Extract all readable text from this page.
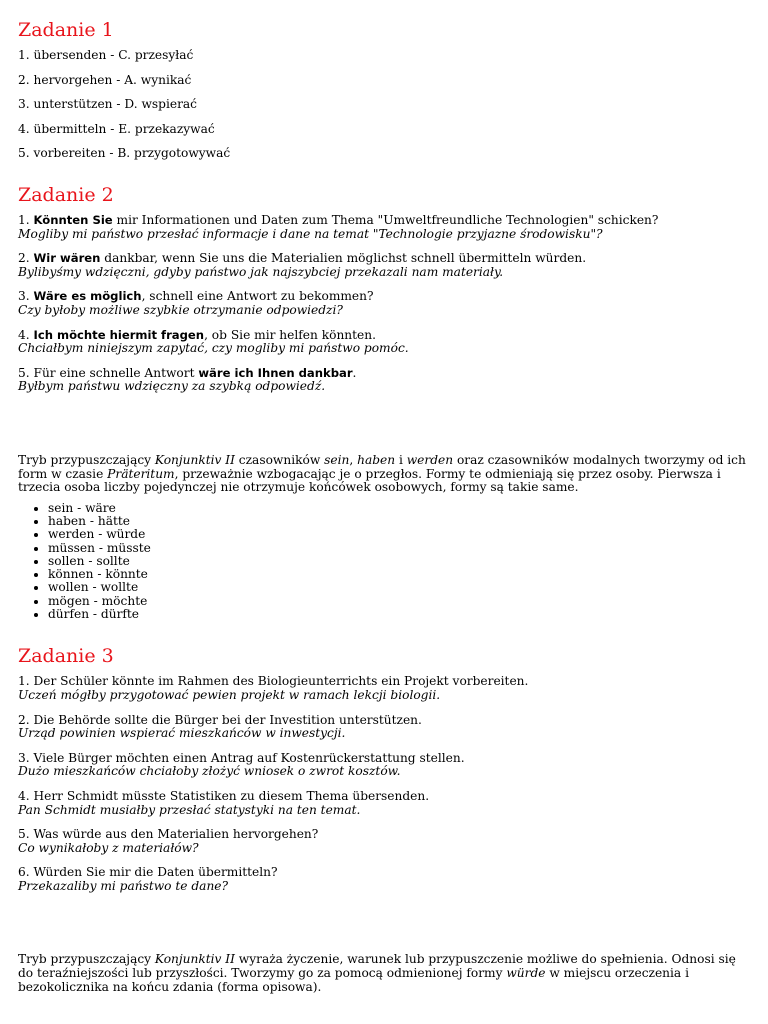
Zadanie 1

1. übersenden - C. przesyłać

2. hervorgehen - A. wynikać

3. unterstützen - D. wspierać

4. übermitteln - E. przekazywać

5. vorbereiten - B. przygotowywać

Zadanie 2

1. Könnten Sie mir Informationen und Daten zum Thema "Umweltfreundliche Technologien" schicken?
Mogliby mi państwo przesłać informacje i dane na temat "Technologie przyjazne środowisku"?

2. Wir wären dankbar, wenn Sie uns die Materialien möglichst schnell übermitteln würden.
Bylibyśmy wdzięczni, gdyby państwo jak najszybciej przekazali nam materiały.

3. Wäre es möglich, schnell eine Antwort zu bekommen?
Czy byłoby możliwe szybkie otrzymanie odpowiedzi?

4. Ich möchte hiermit fragen, ob Sie mir helfen könnten.
Chciałbym niniejszym zapytać, czy mogliby mi państwo pomóc.

5. Für eine schnelle Antwort wäre ich Ihnen dankbar.
Byłbym państwu wdzięczny za szybką odpowiedź.

Tryb przypuszczający Konjunktiv II czasowników sein, haben i werden oraz czasowników modalnych tworzymy od ich form w czasie Präteritum, przeważnie wzbogacając je o przegłos. Formy te odmieniają się przez osoby. Pierwsza i trzecia osoba liczby pojedynczej nie otrzymuje końcówek osobowych, formy są takie same.

• sein - wäre
• haben - hätte
• werden - würde
• müssen - müsste
• sollen - sollte
• können - könnte
• wollen - wollte
• mögen - möchte
• dürfen - dürfte
Zadanie 3

1. Der Schüler könnte im Rahmen des Biologieunterrichts ein Projekt vorbereiten.
Uczeń mógłby przygotować pewien projekt w ramach lekcji biologii.

2. Die Behörde sollte die Bürger bei der Investition unterstützen.
Urząd powinien wspierać mieszkańców w inwestycji.

3. Viele Bürger möchten einen Antrag auf Kostenrückerstattung stellen.
Dużo mieszkańców chciałoby złożyć wniosek o zwrot kosztów.

4. Herr Schmidt müsste Statistiken zu diesem Thema übersenden.
Pan Schmidt musiałby przesłać statystyki na ten temat.

5. Was würde aus den Materialien hervorgehen?
Co wynikałoby z materiałów?

6. Würden Sie mir die Daten übermitteln?
Przekazaliby mi państwo te dane?

Tryb przypuszczający Konjunktiv II wyraża życzenie, warunek lub przypuszczenie możliwe do spełnienia. Odnosi się do teraźniejszości lub przyszłości. Tworzymy go za pomocą odmienionej formy würde w miejscu orzeczenia i bezokolicznika na końcu zdania (forma opisowa).
